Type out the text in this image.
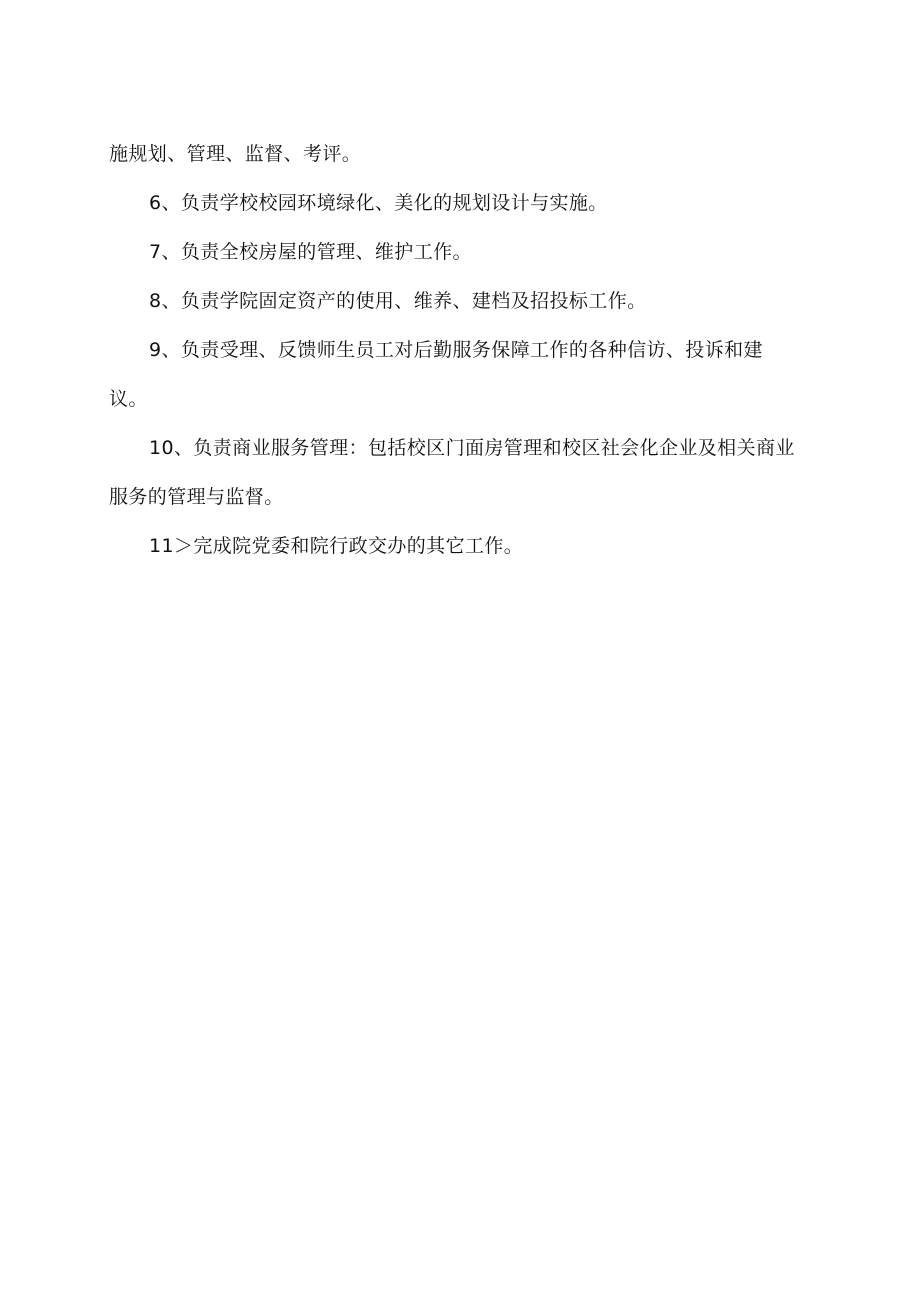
施规划、管理、监督、考评。

6、负责学校校园环境绿化、美化的规划设计与实施。

7、负责全校房屋的管理、维护工作。

8、负责学院固定资产的使用、维养、建档及招投标工作。

9、负责受理、反馈师生员工对后勤服务保障工作的各种信访、投诉和建议。

10、负责商业服务管理：包括校区门面房管理和校区社会化企业及相关商业服务的管理与监督。

11＞完成院党委和院行政交办的其它工作。
